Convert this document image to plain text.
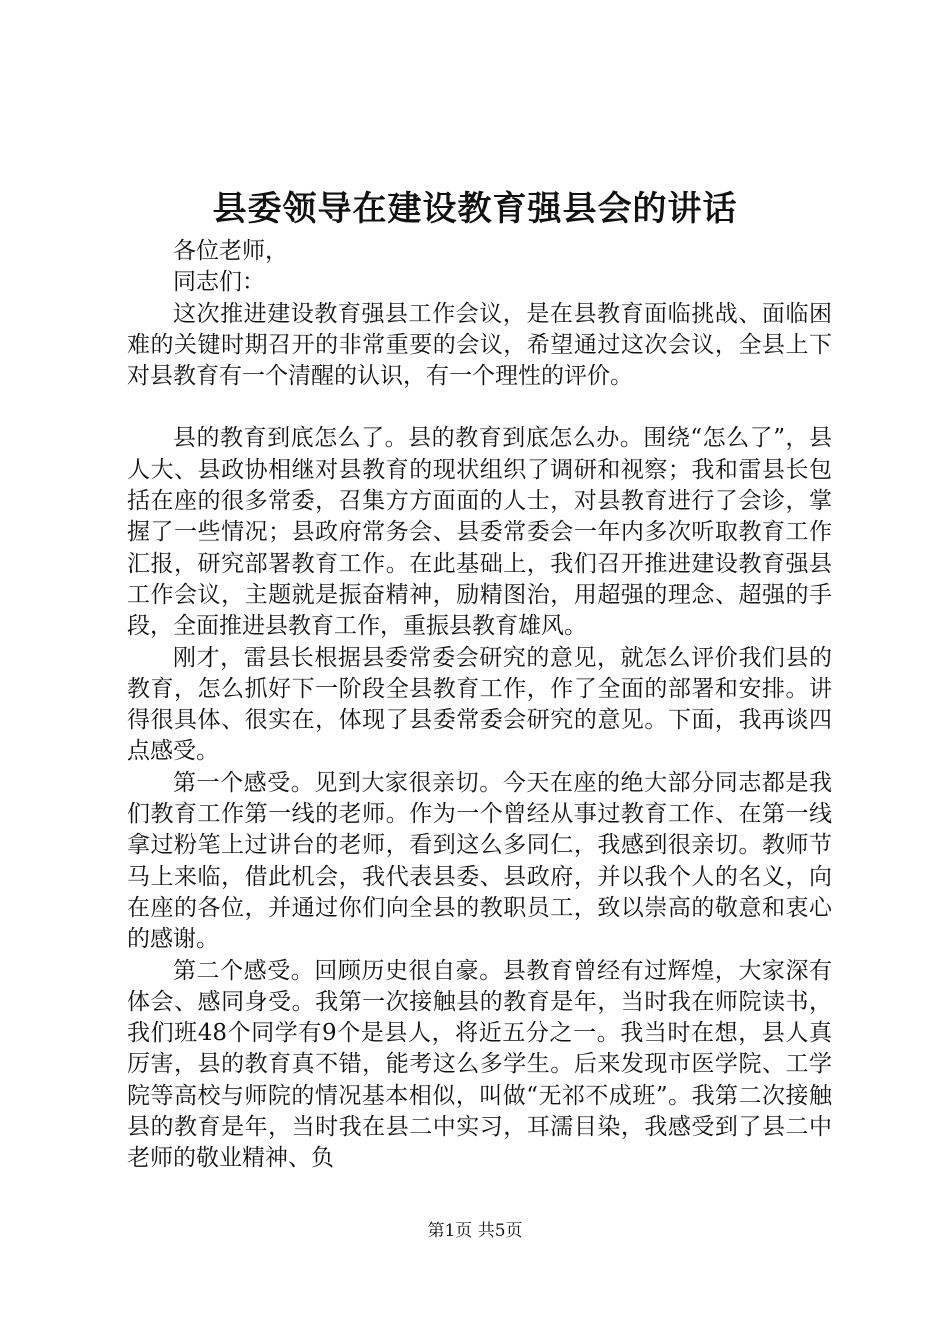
县委领导在建设教育强县会的讲话

各位老师，

同志们：

这次推进建设教育强县工作会议，是在县教育面临挑战、面临困难的关键时期召开的非常重要的会议，希望通过这次会议，全县上下对县教育有一个清醒的认识，有一个理性的评价。

县的教育到底怎么了。县的教育到底怎么办。围绕“怎么了”，县人大、县政协相继对县教育的现状组织了调研和视察；我和雷县长包括在座的很多常委，召集方方面面的人士，对县教育进行了会诊，掌握了一些情况；县政府常务会、县委常委会一年内多次听取教育工作汇报，研究部署教育工作。在此基础上，我们召开推进建设教育强县工作会议，主题就是振奋精神，励精图治，用超强的理念、超强的手段，全面推进县教育工作，重振县教育雄风。

刚才，雷县长根据县委常委会研究的意见，就怎么评价我们县的教育，怎么抓好下一阶段全县教育工作，作了全面的部署和安排。讲得很具体、很实在，体现了县委常委会研究的意见。下面，我再谈四点感受。

第一个感受。见到大家很亲切。今天在座的绝大部分同志都是我们教育工作第一线的老师。作为一个曾经从事过教育工作、在第一线拿过粉笔上过讲台的老师，看到这么多同仁，我感到很亲切。教师节马上来临，借此机会，我代表县委、县政府，并以我个人的名义，向在座的各位，并通过你们向全县的教职员工，致以崇高的敬意和衷心的感谢。

第二个感受。回顾历史很自豪。县教育曾经有过辉煌，大家深有体会、感同身受。我第一次接触县的教育是年，当时我在师院读书，我们班48个同学有9个是县人，将近五分之一。我当时在想，县人真厉害，县的教育真不错，能考这么多学生。后来发现市医学院、工学院等高校与师院的情况基本相似，叫做“无祁不成班”。我第二次接触县的教育是年，当时我在县二中实习，耳濡目染，我感受到了县二中老师的敬业精神、负

第1页 共5页
